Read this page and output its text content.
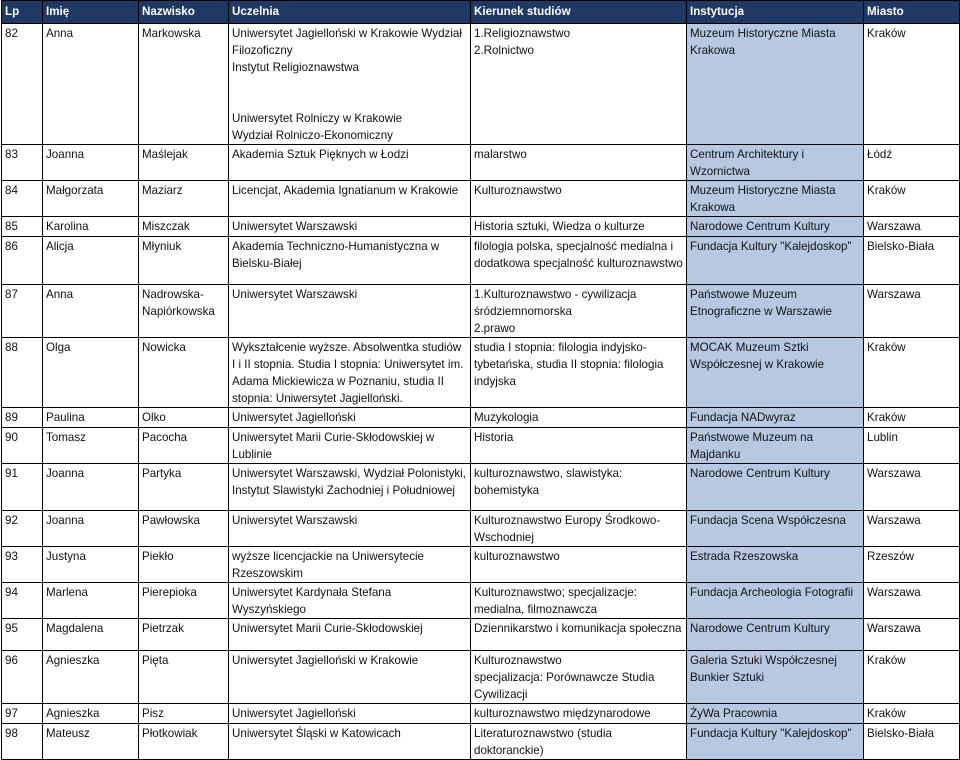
Lp	Imię	Nazwisko	Uczelnia	Kierunek studiów	Instytucja	Miasto
82	Anna	Markowska	Uniwersytet Jagielloński w Krakowie Wydział Filozoficzny
Instytut Religioznawstwa

Uniwersytet Rolniczy w Krakowie
Wydział Rolniczo-Ekonomiczny	1.Religioznawstwo
2.Rolnictwo	Muzeum Historyczne Miasta Krakowa	Kraków
83	Joanna	Maślejak	Akademia Sztuk Pięknych w Łodzi	malarstwo	Centrum Architektury i Wzornictwa	Łódź
84	Małgorzata	Maziarz	Licencjat, Akademia Ignatianum w Krakowie	Kulturoznawstwo	Muzeum Historyczne Miasta Krakowa	Kraków
85	Karolina	Miszczak	Uniwersytet Warszawski	Historia sztuki, Wiedza o kulturze	Narodowe Centrum Kultury	Warszawa
86	Alicja	Młyniuk	Akademia Techniczno-Humanistyczna w Bielsku-Białej	filologia polska, specjalność medialna i dodatkowa specjalność kulturoznawstwo	Fundacja Kultury "Kalejdoskop"	Bielsko-Biała
87	Anna	Nadrowska-Napiórkowska	Uniwersytet Warszawski	1.Kulturoznawstwo - cywilizacja śródziemnomorska
2.prawo	Państwowe Muzeum Etnograficzne w Warszawie	Warszawa
88	Olga	Nowicka	Wykształcenie wyższe. Absolwentka studiów I i II stopnia. Studia I stopnia: Uniwersytet im. Adama Mickiewicza w Poznaniu, studia II stopnia: Uniwersytet Jagielloński.	studia I stopnia: filologia indyjsko-tybetańska, studia II stopnia: filologia indyjska	MOCAK Muzeum Sztki Współczesnej w Krakowie	Kraków
89	Paulina	Olko	Uniwersytet Jagielloński	Muzykologia	Fundacja NADwyraz	Kraków
90	Tomasz	Pacocha	Uniwersytet Marii Curie-Skłodowskiej w Lublinie	Historia	Państwowe Muzeum na Majdanku	Lublin
91	Joanna	Partyka	Uniwersytet Warszawski, Wydział Polonistyki, Instytut Slawistyki Zachodniej i Południowej	kulturoznawstwo, slawistyka: bohemistyka	Narodowe Centrum Kultury	Warszawa
92	Joanna	Pawłowska	Uniwersytet Warszawski	Kulturoznawstwo Europy Środkowo-Wschodniej	Fundacja Scena Współczesna	Warszawa
93	Justyna	Piekło	wyższe licencjackie na Uniwersytecie Rzeszowskim	kulturoznawstwo	Estrada Rzeszowska	Rzeszów
94	Marlena	Pierepioka	Uniwersytet Kardynała Stefana Wyszyńskiego	Kulturoznawstwo; specjalizacje: medialna, filmoznawcza	Fundacja Archeologia Fotografii	Warszawa
95	Magdalena	Pietrzak	Uniwersytet Marii Curie-Skłodowskiej	Dziennikarstwo i komunikacja społeczna	Narodowe Centrum Kultury	Warszawa
96	Agnieszka	Pięta	Uniwersytet Jagielloński w Krakowie	Kulturoznawstwo
specjalizacja: Porównawcze Studia Cywilizacji	Galeria Sztuki Współczesnej Bunkier Sztuki	Kraków
97	Agnieszka	Pisz	Uniwersytet Jagielloński	kulturoznawstwo międzynarodowe	ŻyWa Pracownia	Kraków
98	Mateusz	Płotkowiak	Uniwersytet Śląski w Katowicach	Literaturoznawstwo (studia doktoranckie)	Fundacja Kultury "Kalejdoskop"	Bielsko-Biała
